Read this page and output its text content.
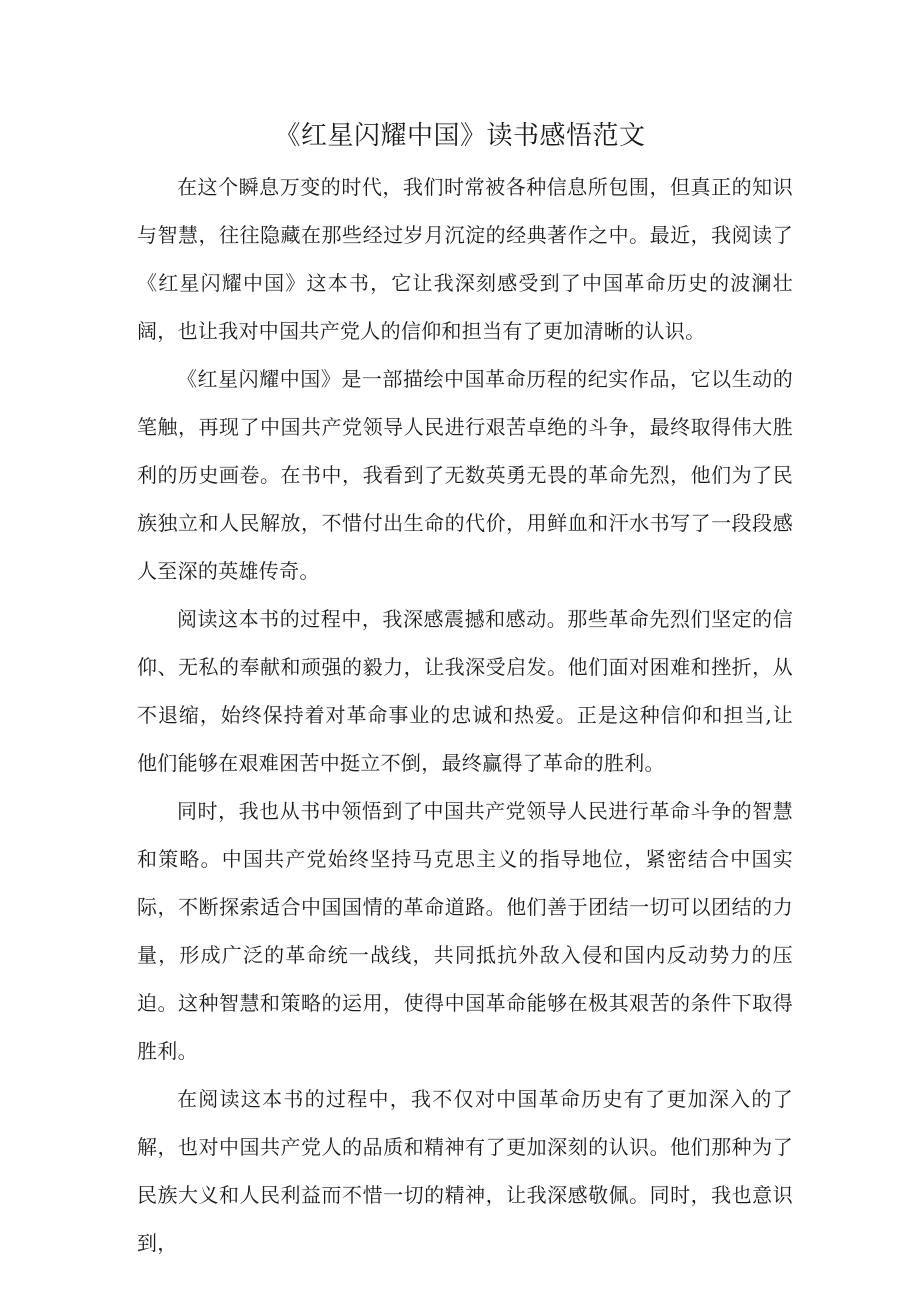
《红星闪耀中国》读书感悟范文

在这个瞬息万变的时代，我们时常被各种信息所包围，但真正的知识与智慧，往往隐藏在那些经过岁月沉淀的经典著作之中。最近，我阅读了《红星闪耀中国》这本书，它让我深刻感受到了中国革命历史的波澜壮阔，也让我对中国共产党人的信仰和担当有了更加清晰的认识。

《红星闪耀中国》是一部描绘中国革命历程的纪实作品，它以生动的笔触，再现了中国共产党领导人民进行艰苦卓绝的斗争，最终取得伟大胜利的历史画卷。在书中，我看到了无数英勇无畏的革命先烈，他们为了民族独立和人民解放，不惜付出生命的代价，用鲜血和汗水书写了一段段感人至深的英雄传奇。

阅读这本书的过程中，我深感震撼和感动。那些革命先烈们坚定的信仰、无私的奉献和顽强的毅力，让我深受启发。他们面对困难和挫折，从不退缩，始终保持着对革命事业的忠诚和热爱。正是这种信仰和担当,让他们能够在艰难困苦中挺立不倒，最终赢得了革命的胜利。

同时，我也从书中领悟到了中国共产党领导人民进行革命斗争的智慧和策略。中国共产党始终坚持马克思主义的指导地位，紧密结合中国实际，不断探索适合中国国情的革命道路。他们善于团结一切可以团结的力量，形成广泛的革命统一战线，共同抵抗外敌入侵和国内反动势力的压迫。这种智慧和策略的运用，使得中国革命能够在极其艰苦的条件下取得胜利。

在阅读这本书的过程中，我不仅对中国革命历史有了更加深入的了解，也对中国共产党人的品质和精神有了更加深刻的认识。他们那种为了民族大义和人民利益而不惜一切的精神，让我深感敬佩。同时，我也意识到，
